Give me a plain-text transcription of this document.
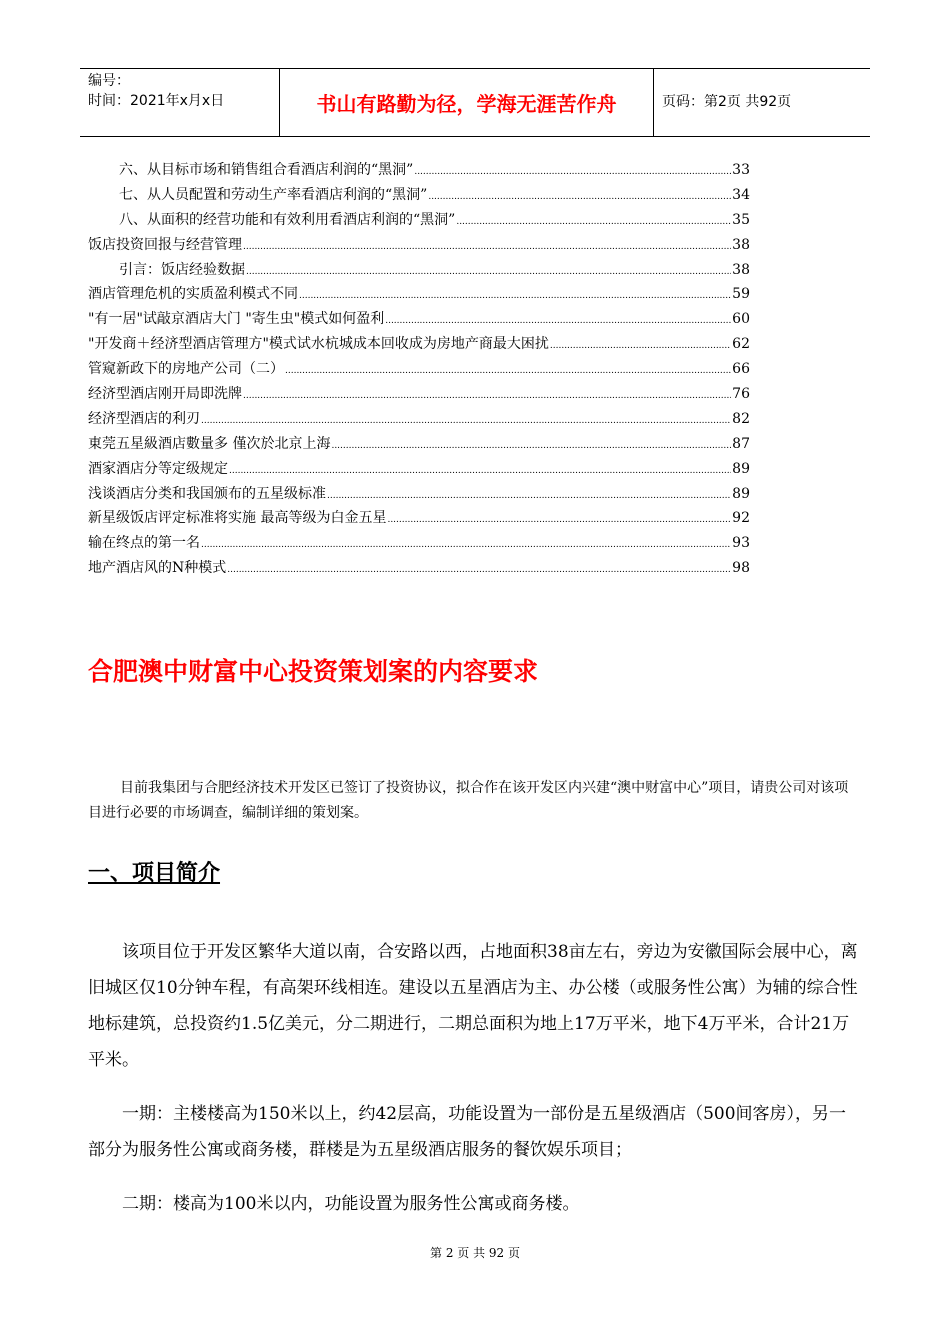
编号：
时间：2021年x月x日	书山有路勤为径，学海无涯苦作舟	页码：第2页 共92页
六、从目标市场和销售组合看酒店利润的“黑洞” .....	33
七、从人员配置和劳动生产率看酒店利润的“黑洞” .....	34
八、从面积的经营功能和有效利用看酒店利润的“黑洞” .....	35
饭店投资回报与经营管理 .....	38
引言：饭店经验数据 .....	38
酒店管理危机的实质盈利模式不同 .....	59
"有一居"试敲京酒店大门 "寄生虫"模式如何盈利 .....	60
"开发商＋经济型酒店管理方"模式试水杭城成本回收成为房地产商最大困扰 .....	62
管窥新政下的房地产公司（二） .....	66
经济型酒店刚开局即洗牌 .....	76
经济型酒店的利刃 .....	82
東莞五星級酒店數量多 僅次於北京上海 .....	87
酒家酒店分等定级规定 .....	89
浅谈酒店分类和我国颁布的五星级标准 .....	89
新星级饭店评定标准将实施 最高等级为白金五星 .....	92
输在终点的第一名 .....	93
地产酒店风的N种模式 .....	98
合肥澳中财富中心投资策划案的内容要求
目前我集团与合肥经济技术开发区已签订了投资协议，拟合作在该开发区内兴建“澳中财富中心”项目，请贵公司对该项目进行必要的市场调查，编制详细的策划案。
一、项目简介
该项目位于开发区繁华大道以南，合安路以西，占地面积38亩左右，旁边为安徽国际会展中心，离旧城区仅10分钟车程，有高架环线相连。建设以五星酒店为主、办公楼（或服务性公寓）为辅的综合性地标建筑，总投资约1.5亿美元，分二期进行，二期总面积为地上17万平米，地下4万平米，合计21万平米。
一期：主楼楼高为150米以上，约42层高，功能设置为一部份是五星级酒店（500间客房），另一部分为服务性公寓或商务楼，群楼是为五星级酒店服务的餐饮娱乐项目；
二期：楼高为100米以内，功能设置为服务性公寓或商务楼。
第 2 页 共 92 页
